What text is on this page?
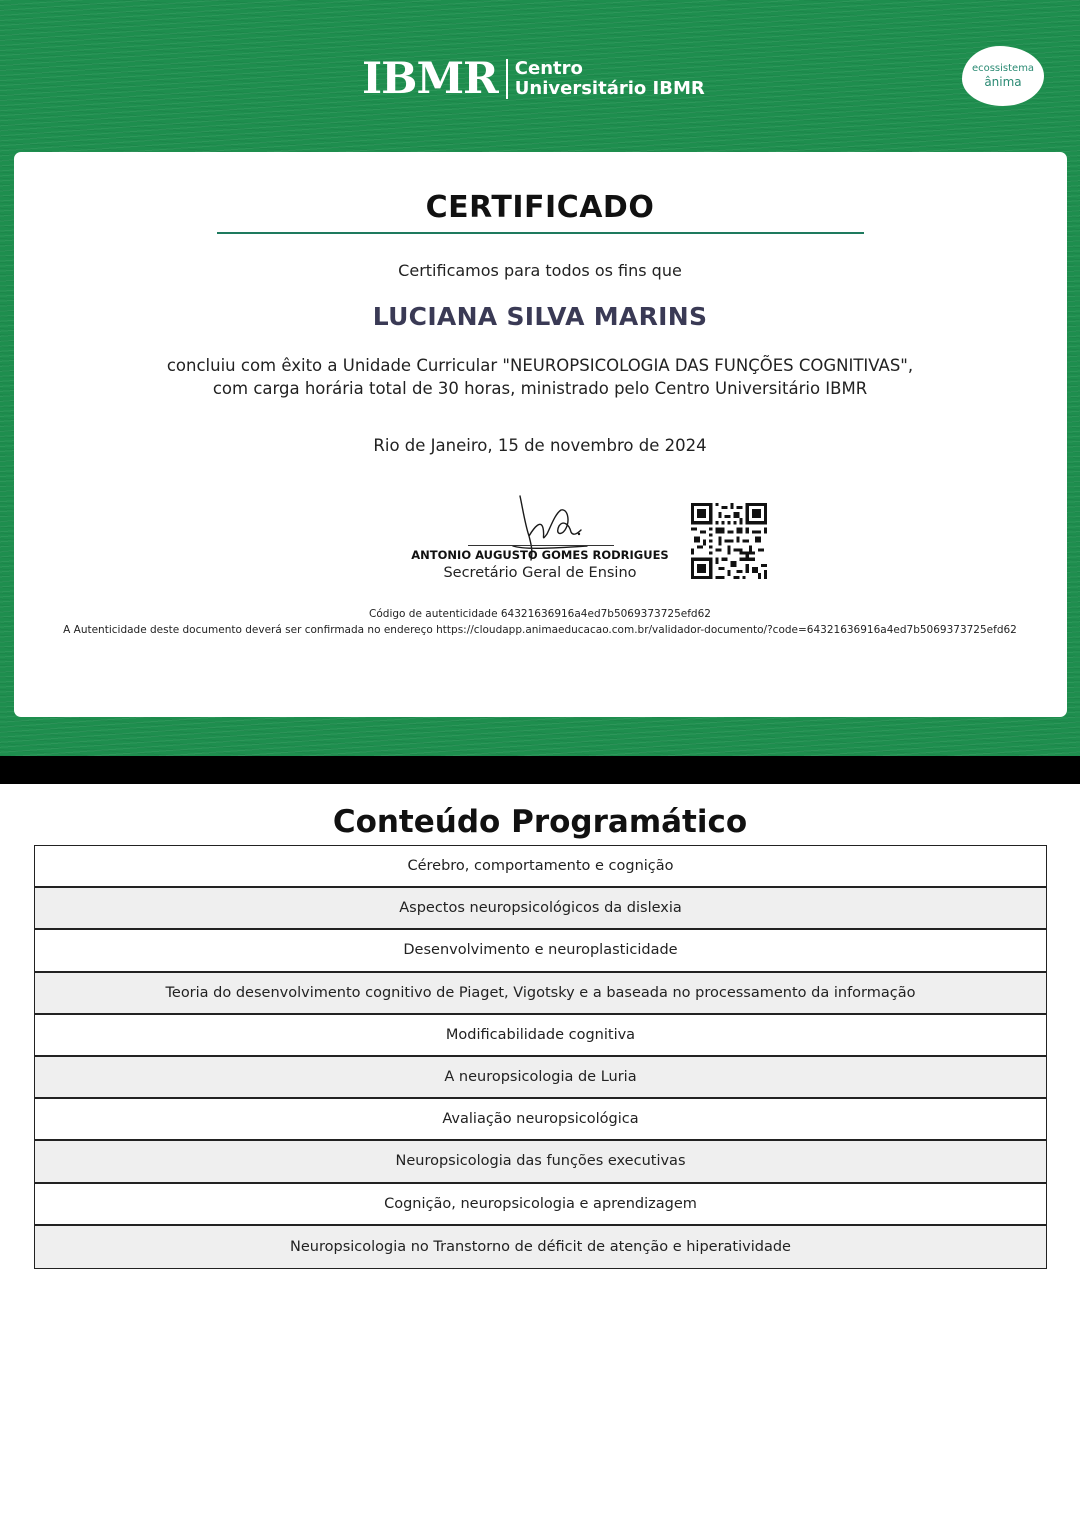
IBMR Centro
Universitário IBMR
ecossistema
ânima
CERTIFICADO
Certificamos para todos os fins que
LUCIANA SILVA MARINS
concluiu com êxito a Unidade Curricular "NEUROPSICOLOGIA DAS FUNÇÕES COGNITIVAS",
com carga horária total de 30 horas, ministrado pelo Centro Universitário IBMR
Rio de Janeiro, 15 de novembro de 2024
ANTONIO AUGUSTO GOMES RODRIGUES
Secretário Geral de Ensino
Código de autenticidade 64321636916a4ed7b5069373725efd62
A Autenticidade deste documento deverá ser confirmada no endereço https://cloudapp.animaeducacao.com.br/validador-documento/?code=64321636916a4ed7b5069373725efd62
Conteúdo Programático
Cérebro, comportamento e cognição
Aspectos neuropsicológicos da dislexia
Desenvolvimento e neuroplasticidade
Teoria do desenvolvimento cognitivo de Piaget, Vigotsky e a baseada no processamento da informação
Modificabilidade cognitiva
A neuropsicologia de Luria
Avaliação neuropsicológica
Neuropsicologia das funções executivas
Cognição, neuropsicologia e aprendizagem
Neuropsicologia no Transtorno de déficit de atenção e hiperatividade
